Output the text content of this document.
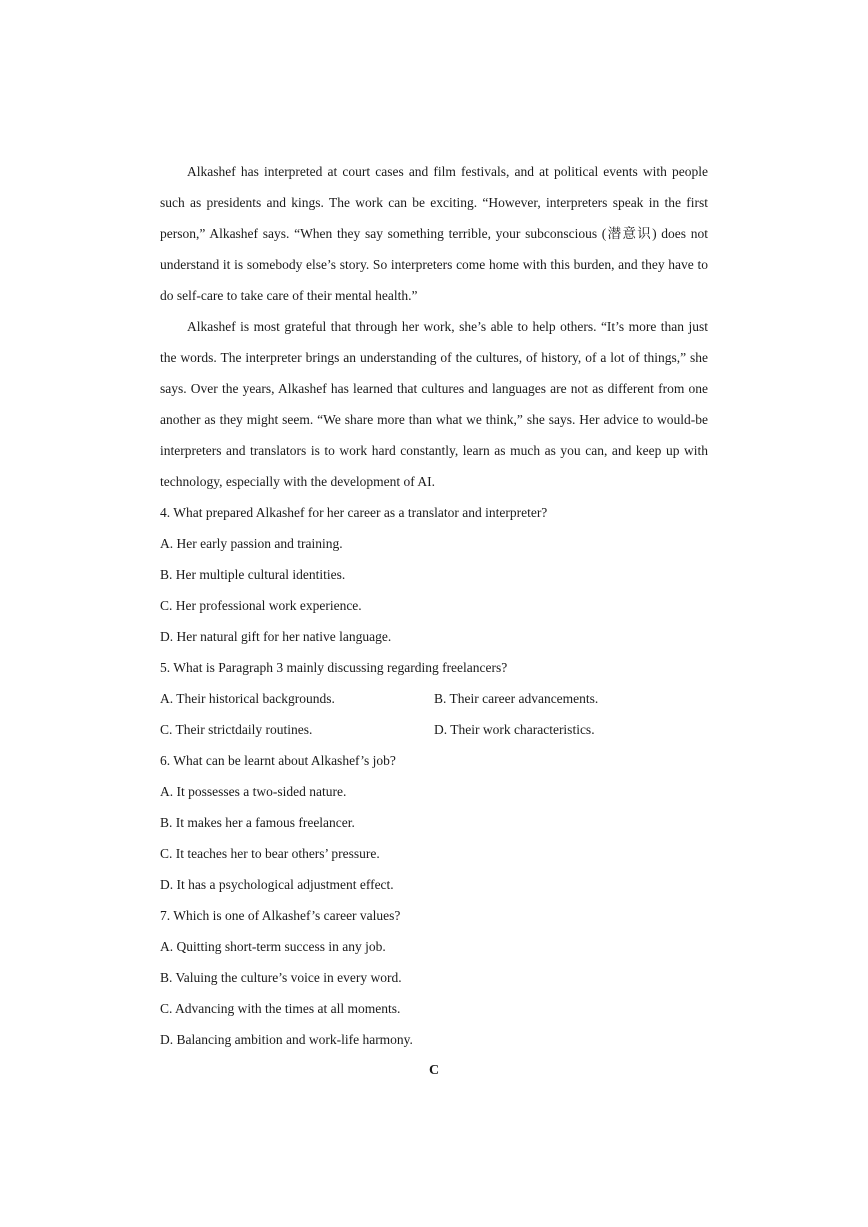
Alkashef has interpreted at court cases and film festivals, and at political events with people such as presidents and kings. The work can be exciting. “However, interpreters speak in the first person,” Alkashef says. “When they say something terrible, your subconscious (潜意识) does not understand it is somebody else’s story. So interpreters come home with this burden, and they have to do self-care to take care of their mental health.”

Alkashef is most grateful that through her work, she’s able to help others. “It’s more than just the words. The interpreter brings an understanding of the cultures, of history, of a lot of things,” she says. Over the years, Alkashef has learned that cultures and languages are not as different from one another as they might seem. “We share more than what we think,” she says. Her advice to would-be interpreters and translators is to work hard constantly, learn as much as you can, and keep up with technology, especially with the development of AI.

4. What prepared Alkashef for her career as a translator and interpreter?

A. Her early passion and training.

B. Her multiple cultural identities.

C. Her professional work experience.

D. Her natural gift for her native language.

5. What is Paragraph 3 mainly discussing regarding freelancers?

A. Their historical backgrounds.	B. Their career advancements.
C. Their strictdaily routines.	D. Their work characteristics.

6. What can be learnt about Alkashef’s job?

A. It possesses a two-sided nature.

B. It makes her a famous freelancer.

C. It teaches her to bear others’ pressure.

D. It has a psychological adjustment effect.

7. Which is one of Alkashef’s career values?

A. Quitting short-term success in any job.

B. Valuing the culture’s voice in every word.

C. Advancing with the times at all moments.

D. Balancing ambition and work-life harmony.

C
